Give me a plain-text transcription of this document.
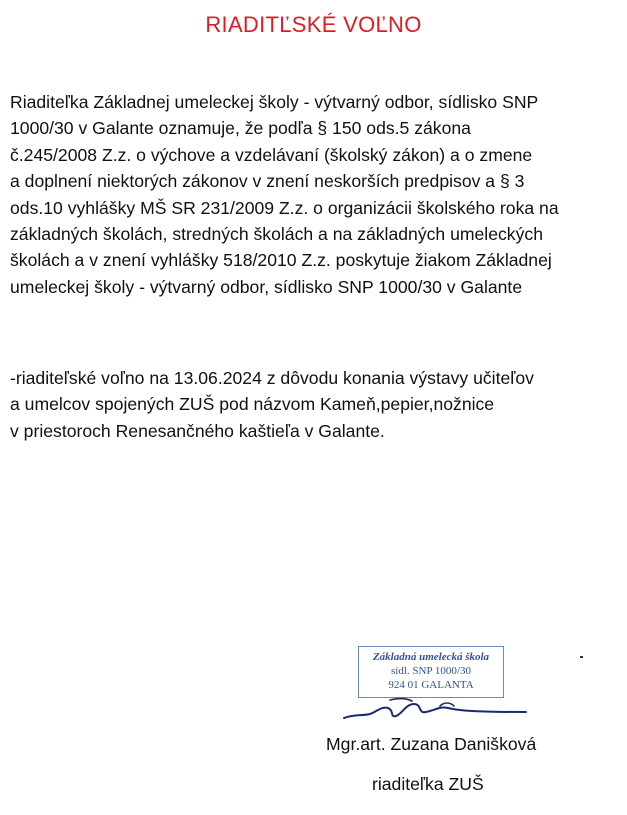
RIADITĽSKÉ VOĽNO
Riaditeľka Základnej umeleckej školy - výtvarný odbor, sídlisko SNP
1000/30 v Galante oznamuje, že podľa § 150 ods.5 zákona
č.245/2008 Z.z. o výchove a vzdelávaní (školský zákon) a o zmene
a doplnení niektorých zákonov v znení neskorších predpisov a § 3
ods.10 vyhlášky MŠ SR 231/2009 Z.z. o organizácii školského roka na
základných školách, stredných školách a na základných umeleckých
školách a v znení vyhlášky 518/2010 Z.z. poskytuje žiakom Základnej
umeleckej školy - výtvarný odbor, sídlisko SNP 1000/30 v Galante
-riaditeľské voľno na 13.06.2024 z dôvodu konania výstavy učiteľov
a umelcov spojených ZUŠ pod názvom Kameň,pepier,nožnice
v priestoroch Renesančného kaštieľa v Galante.
Základná umelecká škola
sídl. SNP 1000/30
924 01 GALANTA
Mgr.art. Zuzana Danišková
riaditeľka ZUŠ
